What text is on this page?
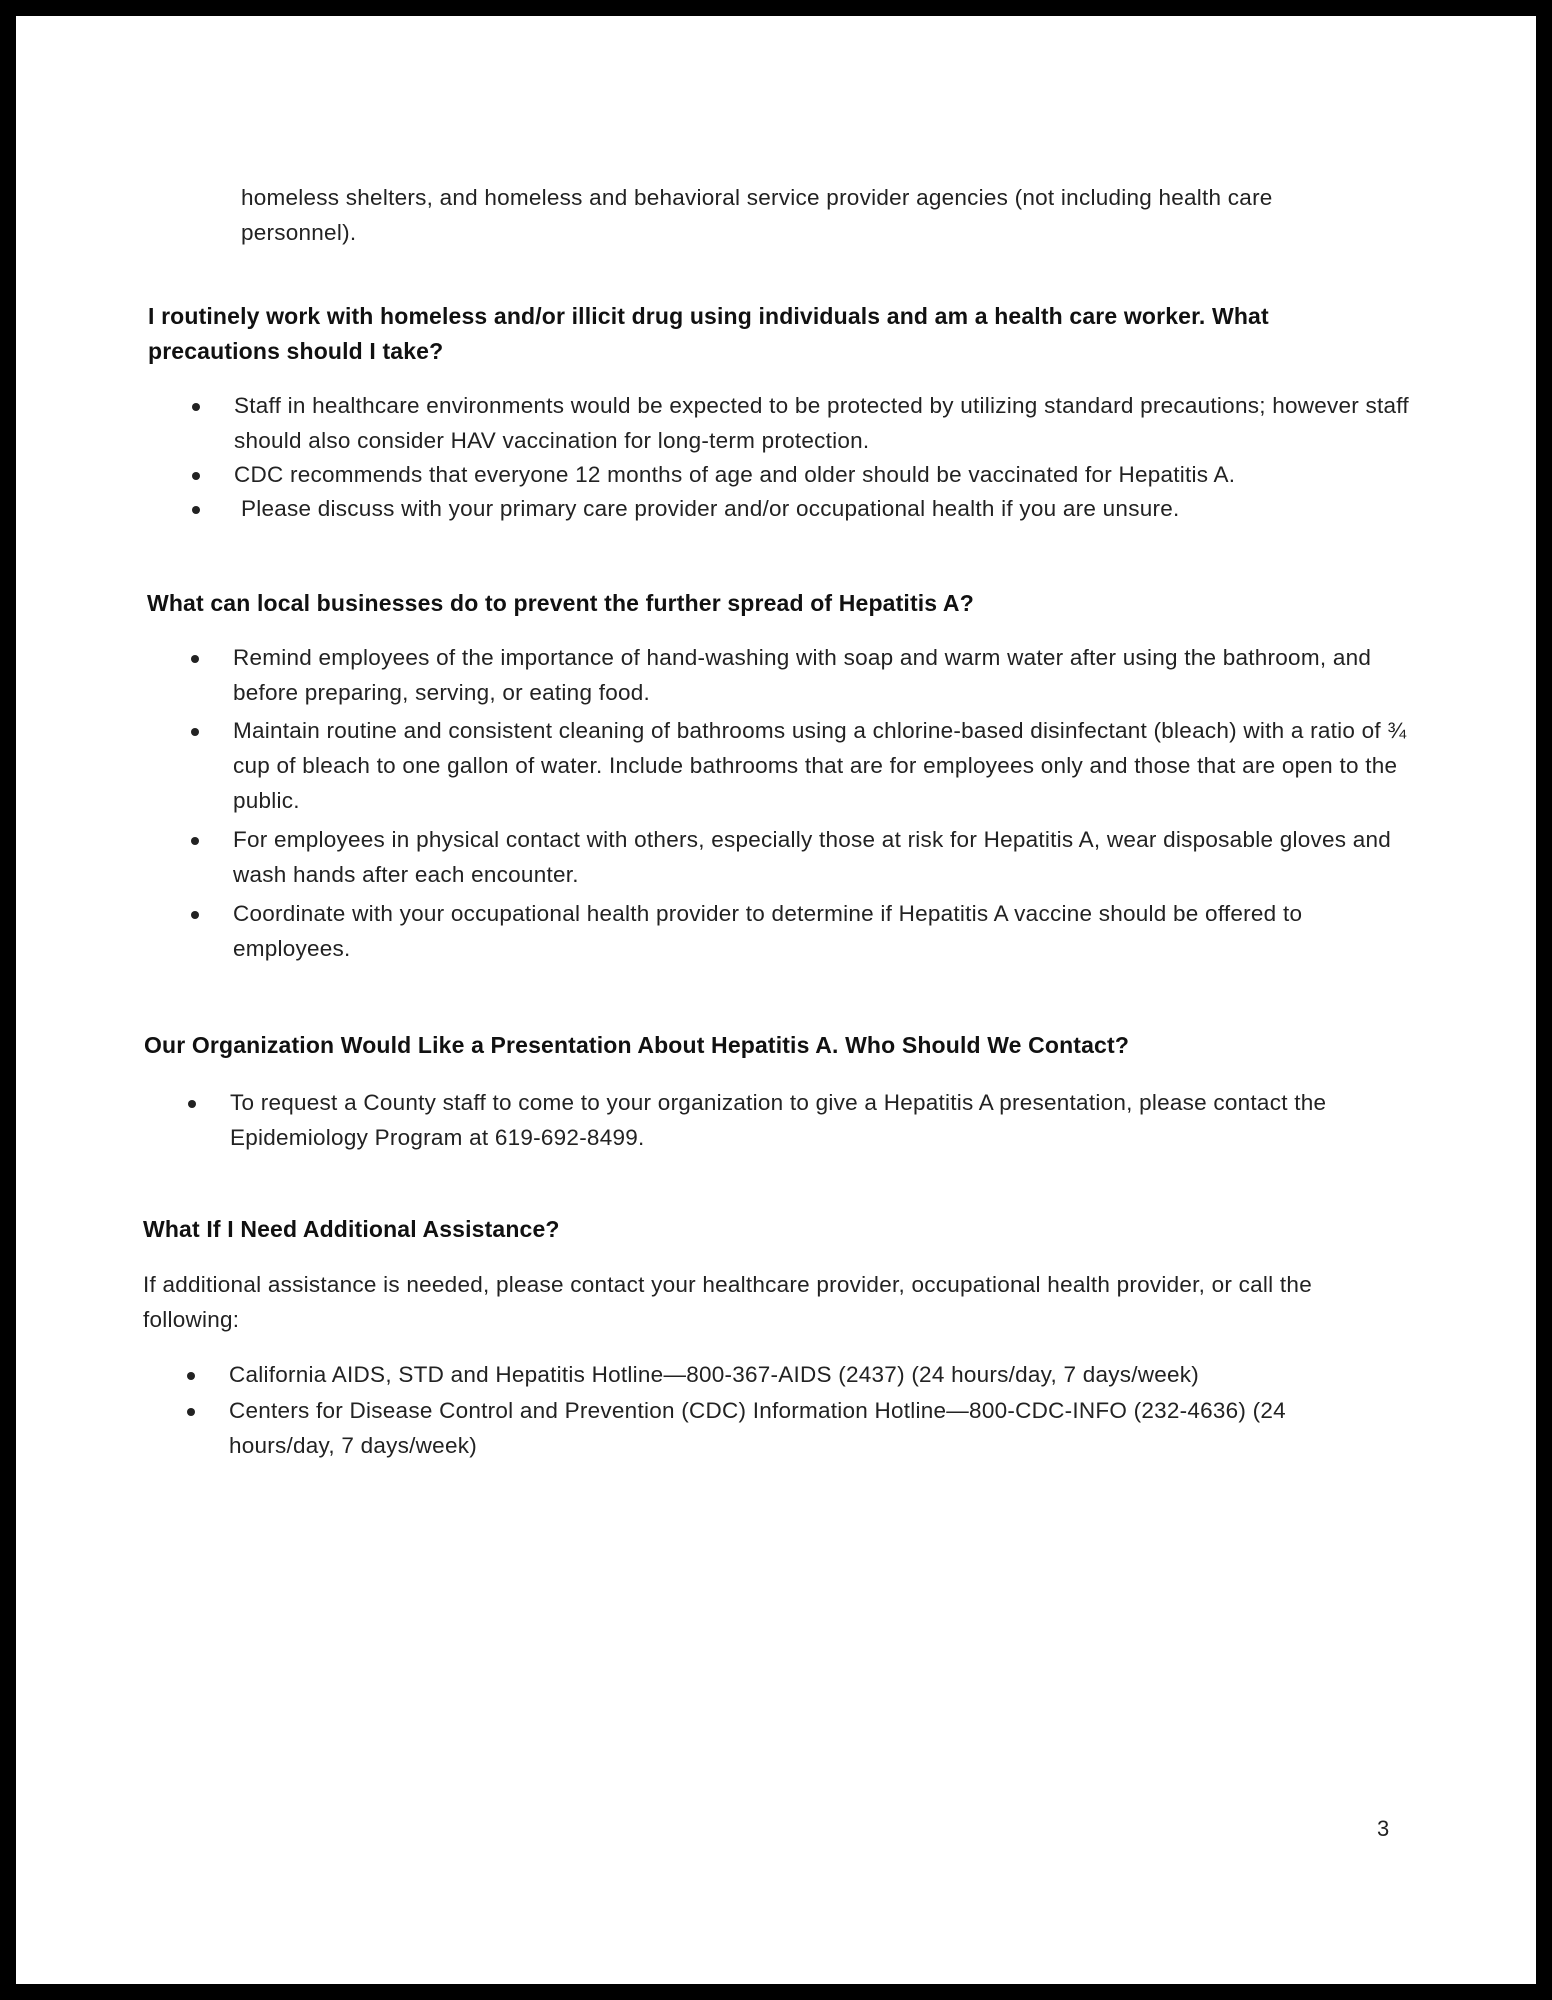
homeless shelters, and homeless and behavioral service provider agencies (not including health care personnel).
I routinely work with homeless and/or illicit drug using individuals and am a health care worker. What precautions should I take?
Staff in healthcare environments would be expected to be protected by utilizing standard precautions; however staff should also consider HAV vaccination for long-term protection.
CDC recommends that everyone 12 months of age and older should be vaccinated for Hepatitis A.
Please discuss with your primary care provider and/or occupational health if you are unsure.
What can local businesses do to prevent the further spread of Hepatitis A?
Remind employees of the importance of hand-washing with soap and warm water after using the bathroom, and before preparing, serving, or eating food.
Maintain routine and consistent cleaning of bathrooms using a chlorine-based disinfectant (bleach) with a ratio of ¾ cup of bleach to one gallon of water. Include bathrooms that are for employees only and those that are open to the public.
For employees in physical contact with others, especially those at risk for Hepatitis A, wear disposable gloves and wash hands after each encounter.
Coordinate with your occupational health provider to determine if Hepatitis A vaccine should be offered to employees.
Our Organization Would Like a Presentation About Hepatitis A. Who Should We Contact?
To request a County staff to come to your organization to give a Hepatitis A presentation, please contact the Epidemiology Program at 619-692-8499.
What If I Need Additional Assistance?
If additional assistance is needed, please contact your healthcare provider, occupational health provider, or call the following:
California AIDS, STD and Hepatitis Hotline—800-367-AIDS (2437) (24 hours/day, 7 days/week)
Centers for Disease Control and Prevention (CDC) Information Hotline—800-CDC-INFO (232-4636) (24 hours/day, 7 days/week)
3
